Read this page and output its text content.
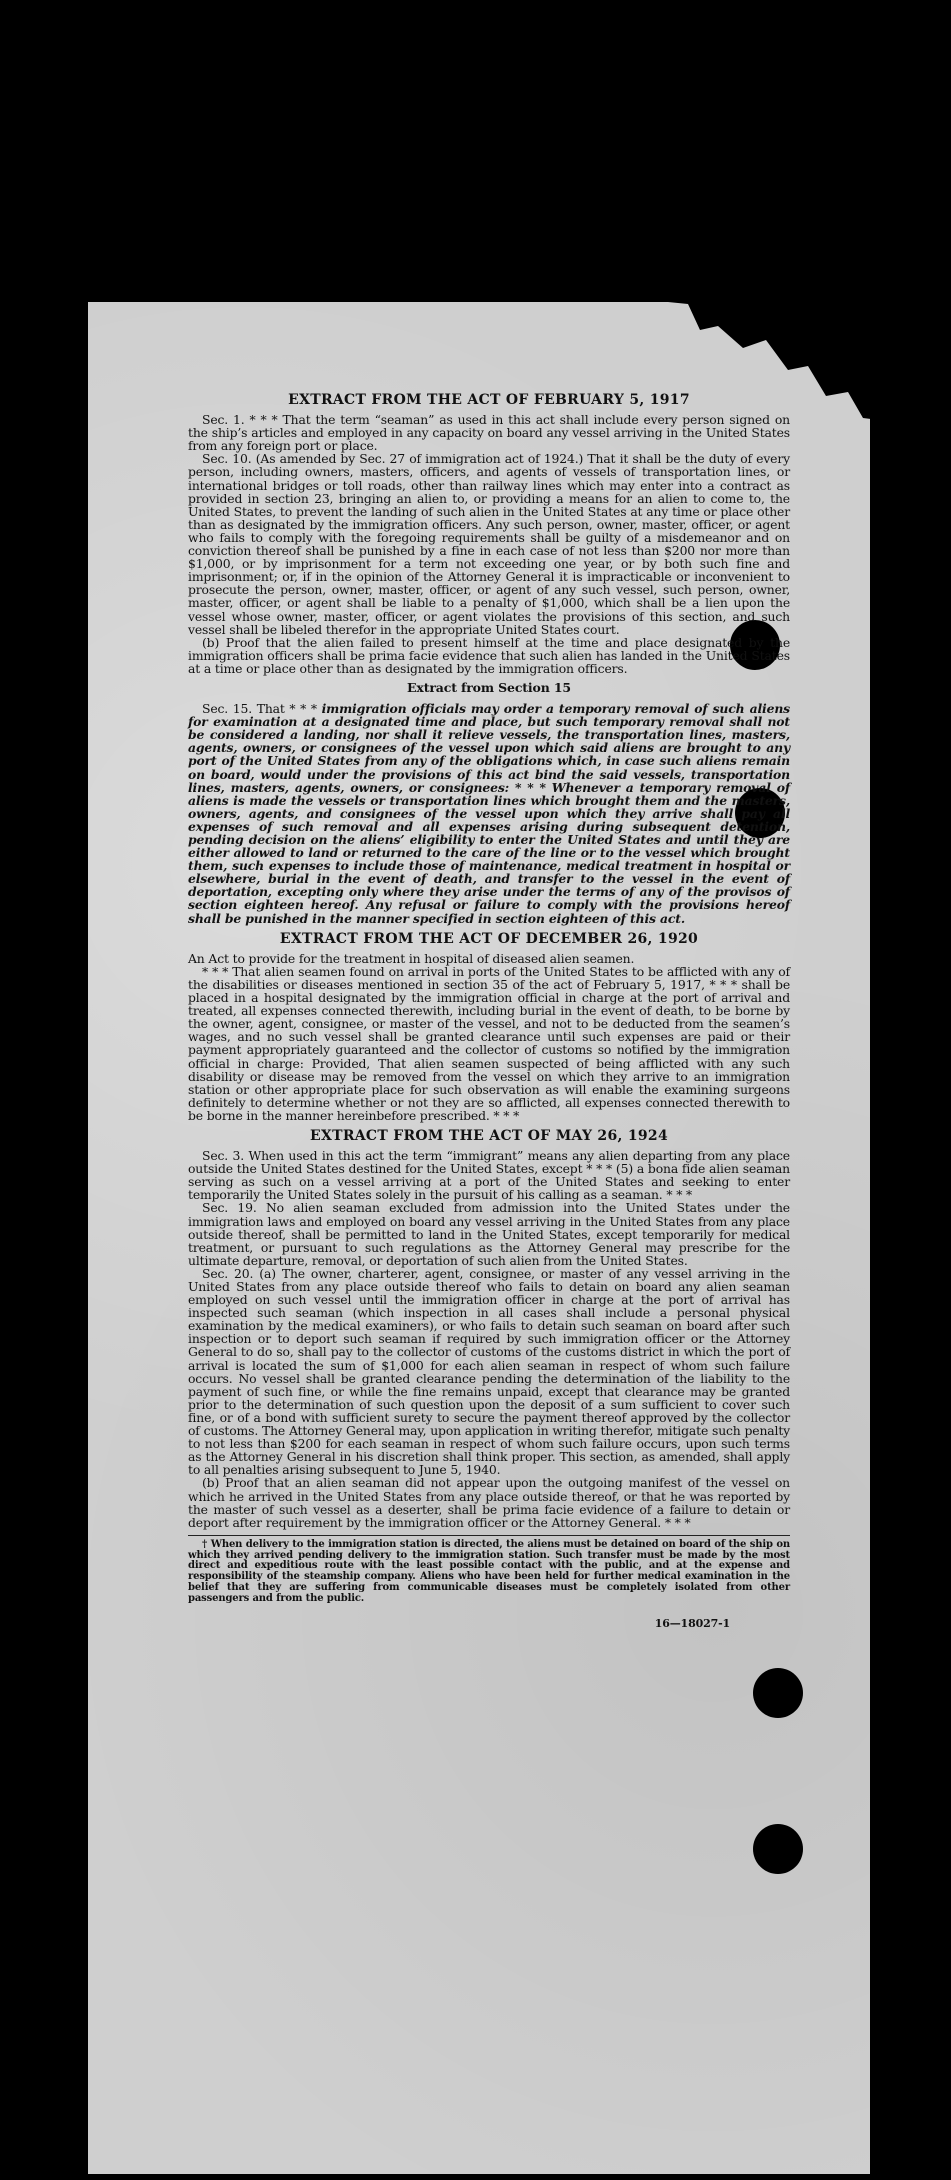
EXTRACT FROM THE ACT OF FEBRUARY 5, 1917

Sec. 1. * * * That the term “seaman” as used in this act shall include every person signed on the ship’s articles and employed in any capacity on board any vessel arriving in the United States from any foreign port or place.

Sec. 10. (As amended by Sec. 27 of immigration act of 1924.) That it shall be the duty of every person, including owners, masters, officers, and agents of vessels of transportation lines, or international bridges or toll roads, other than railway lines which may enter into a contract as provided in section 23, bringing an alien to, or providing a means for an alien to come to, the United States, to prevent the landing of such alien in the United States at any time or place other than as designated by the immigration officers. Any such person, owner, master, officer, or agent who fails to comply with the foregoing requirements shall be guilty of a misdemeanor and on conviction thereof shall be punished by a fine in each case of not less than $200 nor more than $1,000, or by imprisonment for a term not exceeding one year, or by both such fine and imprisonment; or, if in the opinion of the Attorney General it is impracticable or inconvenient to prosecute the person, owner, master, officer, or agent of any such vessel, such person, owner, master, officer, or agent shall be liable to a penalty of $1,000, which shall be a lien upon the vessel whose owner, master, officer, or agent violates the provisions of this section, and such vessel shall be libeled therefor in the appropriate United States court.

(b) Proof that the alien failed to present himself at the time and place designated by the immigration officers shall be prima facie evidence that such alien has landed in the United States at a time or place other than as designated by the immigration officers.

Extract from Section 15

Sec. 15. That * * * immigration officials may order a temporary removal of such aliens for examination at a designated time and place, but such temporary removal shall not be considered a landing, nor shall it relieve vessels, the transportation lines, masters, agents, owners, or consignees of the vessel upon which said aliens are brought to any port of the United States from any of the obligations which, in case such aliens remain on board, would under the provisions of this act bind the said vessels, transportation lines, masters, agents, owners, or consignees: * * * Whenever a temporary removal of aliens is made the vessels or transportation lines which brought them and the masters, owners, agents, and consignees of the vessel upon which they arrive shall pay all expenses of such removal and all expenses arising during subsequent detention, pending decision on the aliens’ eligibility to enter the United States and until they are either allowed to land or returned to the care of the line or to the vessel which brought them, such expenses to include those of maintenance, medical treatment in hospital or elsewhere, burial in the event of death, and transfer to the vessel in the event of deportation, excepting only where they arise under the terms of any of the provisos of section eighteen hereof. Any refusal or failure to comply with the provisions hereof shall be punished in the manner specified in section eighteen of this act.

EXTRACT FROM THE ACT OF DECEMBER 26, 1920

An Act to provide for the treatment in hospital of diseased alien seamen.

* * * That alien seamen found on arrival in ports of the United States to be afflicted with any of the disabilities or diseases mentioned in section 35 of the act of February 5, 1917, * * * shall be placed in a hospital designated by the immigration official in charge at the port of arrival and treated, all expenses connected therewith, including burial in the event of death, to be borne by the owner, agent, consignee, or master of the vessel, and not to be deducted from the seamen’s wages, and no such vessel shall be granted clearance until such expenses are paid or their payment appropriately guaranteed and the collector of customs so notified by the immigration official in charge: Provided, That alien seamen suspected of being afflicted with any such disability or disease may be removed from the vessel on which they arrive to an immigration station or other appropriate place for such observation as will enable the examining surgeons definitely to determine whether or not they are so afflicted, all expenses connected therewith to be borne in the manner hereinbefore prescribed. * * *

EXTRACT FROM THE ACT OF MAY 26, 1924

Sec. 3. When used in this act the term “immigrant” means any alien departing from any place outside the United States destined for the United States, except * * * (5) a bona fide alien seaman serving as such on a vessel arriving at a port of the United States and seeking to enter temporarily the United States solely in the pursuit of his calling as a seaman. * * *

Sec. 19. No alien seaman excluded from admission into the United States under the immigration laws and employed on board any vessel arriving in the United States from any place outside thereof, shall be permitted to land in the United States, except temporarily for medical treatment, or pursuant to such regulations as the Attorney General may prescribe for the ultimate departure, removal, or deportation of such alien from the United States.

Sec. 20. (a) The owner, charterer, agent, consignee, or master of any vessel arriving in the United States from any place outside thereof who fails to detain on board any alien seaman employed on such vessel until the immigration officer in charge at the port of arrival has inspected such seaman (which inspection in all cases shall include a personal physical examination by the medical examiners), or who fails to detain such seaman on board after such inspection or to deport such seaman if required by such immigration officer or the Attorney General to do so, shall pay to the collector of customs of the customs district in which the port of arrival is located the sum of $1,000 for each alien seaman in respect of whom such failure occurs. No vessel shall be granted clearance pending the determination of the liability to the payment of such fine, or while the fine remains unpaid, except that clearance may be granted prior to the determination of such question upon the deposit of a sum sufficient to cover such fine, or of a bond with sufficient surety to secure the payment thereof approved by the collector of customs. The Attorney General may, upon application in writing therefor, mitigate such penalty to not less than $200 for each seaman in respect of whom such failure occurs, upon such terms as the Attorney General in his discretion shall think proper. This section, as amended, shall apply to all penalties arising subsequent to June 5, 1940.

(b) Proof that an alien seaman did not appear upon the outgoing manifest of the vessel on which he arrived in the United States from any place outside thereof, or that he was reported by the master of such vessel as a deserter, shall be prima facie evidence of a failure to detain or deport after requirement by the immigration officer or the Attorney General. * * *

† When delivery to the immigration station is directed, the aliens must be detained on board of the ship on which they arrived pending delivery to the immigration station. Such transfer must be made by the most direct and expeditious route with the least possible contact with the public, and at the expense and responsibility of the steamship company. Aliens who have been held for further medical examination in the belief that they are suffering from communicable diseases must be completely isolated from other passengers and from the public.

16—18027-1
